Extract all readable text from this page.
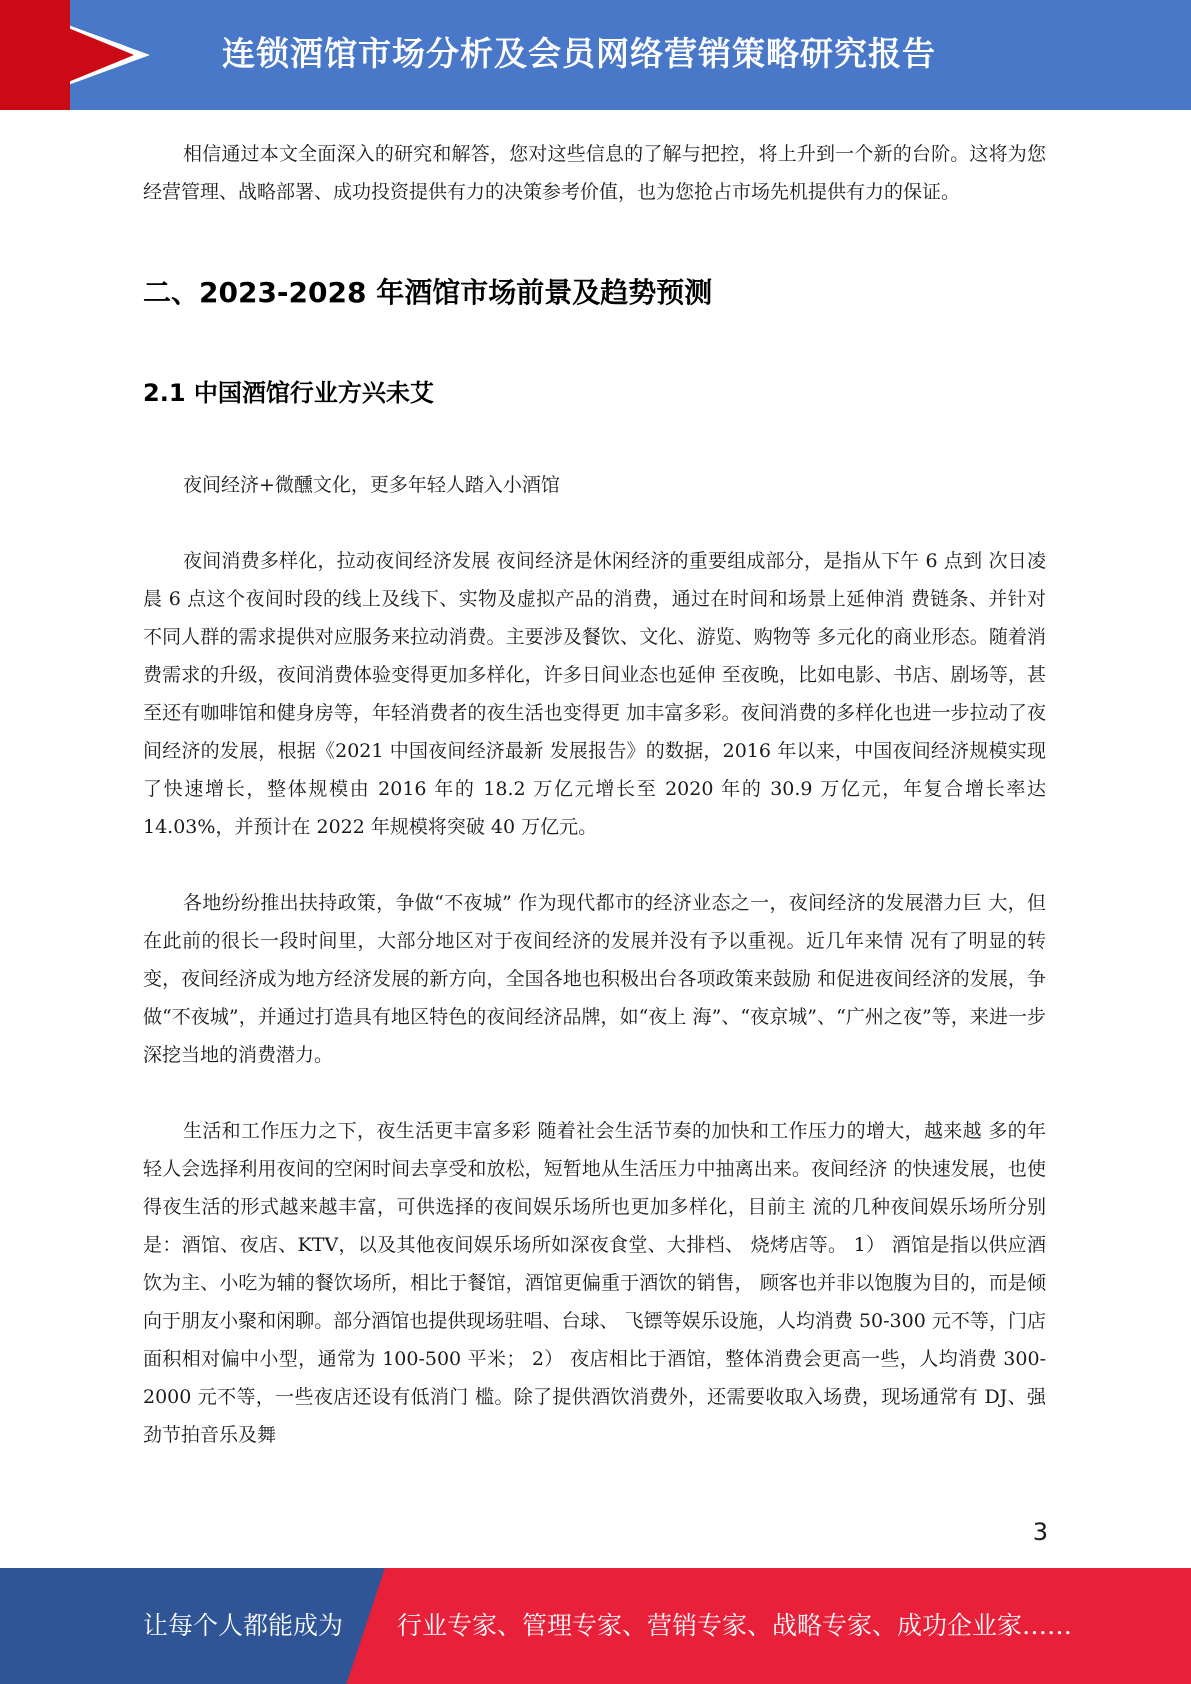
连锁酒馆市场分析及会员网络营销策略研究报告

相信通过本文全面深入的研究和解答，您对这些信息的了解与把控，将上升到一个新的台阶。这将为您经营管理、战略部署、成功投资提供有力的决策参考价值，也为您抢占市场先机提供有力的保证。

二、2023-2028 年酒馆市场前景及趋势预测
2.1 中国酒馆行业方兴未艾

夜间经济+微醺文化，更多年轻人踏入小酒馆

夜间消费多样化，拉动夜间经济发展 夜间经济是休闲经济的重要组成部分，是指从下午 6 点到 次日凌晨 6 点这个夜间时段的线上及线下、实物及虚拟产品的消费，通过在时间和场景上延伸消 费链条、并针对不同人群的需求提供对应服务来拉动消费。主要涉及餐饮、文化、游览、购物等 多元化的商业形态。随着消费需求的升级，夜间消费体验变得更加多样化，许多日间业态也延伸 至夜晚，比如电影、书店、剧场等，甚至还有咖啡馆和健身房等，年轻消费者的夜生活也变得更 加丰富多彩。夜间消费的多样化也进一步拉动了夜间经济的发展，根据《2021 中国夜间经济最新 发展报告》的数据，2016 年以来，中国夜间经济规模实现了快速增长，整体规模由 2016 年的 18.2 万亿元增长至 2020 年的 30.9 万亿元，年复合增长率达 14.03%，并预计在 2022 年规模将突破 40 万亿元。

各地纷纷推出扶持政策，争做“不夜城” 作为现代都市的经济业态之一，夜间经济的发展潜力巨 大，但在此前的很长一段时间里，大部分地区对于夜间经济的发展并没有予以重视。近几年来情 况有了明显的转变，夜间经济成为地方经济发展的新方向，全国各地也积极出台各项政策来鼓励 和促进夜间经济的发展，争做“不夜城”，并通过打造具有地区特色的夜间经济品牌，如“夜上 海”、“夜京城”、“广州之夜”等，来进一步深挖当地的消费潜力。

生活和工作压力之下，夜生活更丰富多彩 随着社会生活节奏的加快和工作压力的增大，越来越 多的年轻人会选择利用夜间的空闲时间去享受和放松，短暂地从生活压力中抽离出来。夜间经济 的快速发展，也使得夜生活的形式越来越丰富，可供选择的夜间娱乐场所也更加多样化，目前主 流的几种夜间娱乐场所分别是：酒馆、夜店、KTV，以及其他夜间娱乐场所如深夜食堂、大排档、 烧烤店等。 1） 酒馆是指以供应酒饮为主、小吃为辅的餐饮场所，相比于餐馆，酒馆更偏重于酒饮的销售， 顾客也并非以饱腹为目的，而是倾向于朋友小聚和闲聊。部分酒馆也提供现场驻唱、台球、 飞镖等娱乐设施，人均消费 50-300 元不等，门店面积相对偏中小型，通常为 100-500 平米； 2） 夜店相比于酒馆，整体消费会更高一些，人均消费 300-2000 元不等，一些夜店还设有低消门 槛。除了提供酒饮消费外，还需要收取入场费，现场通常有 DJ、强劲节拍音乐及舞

3
让每个人都能成为 行业专家、管理专家、营销专家、战略专家、成功企业家……
